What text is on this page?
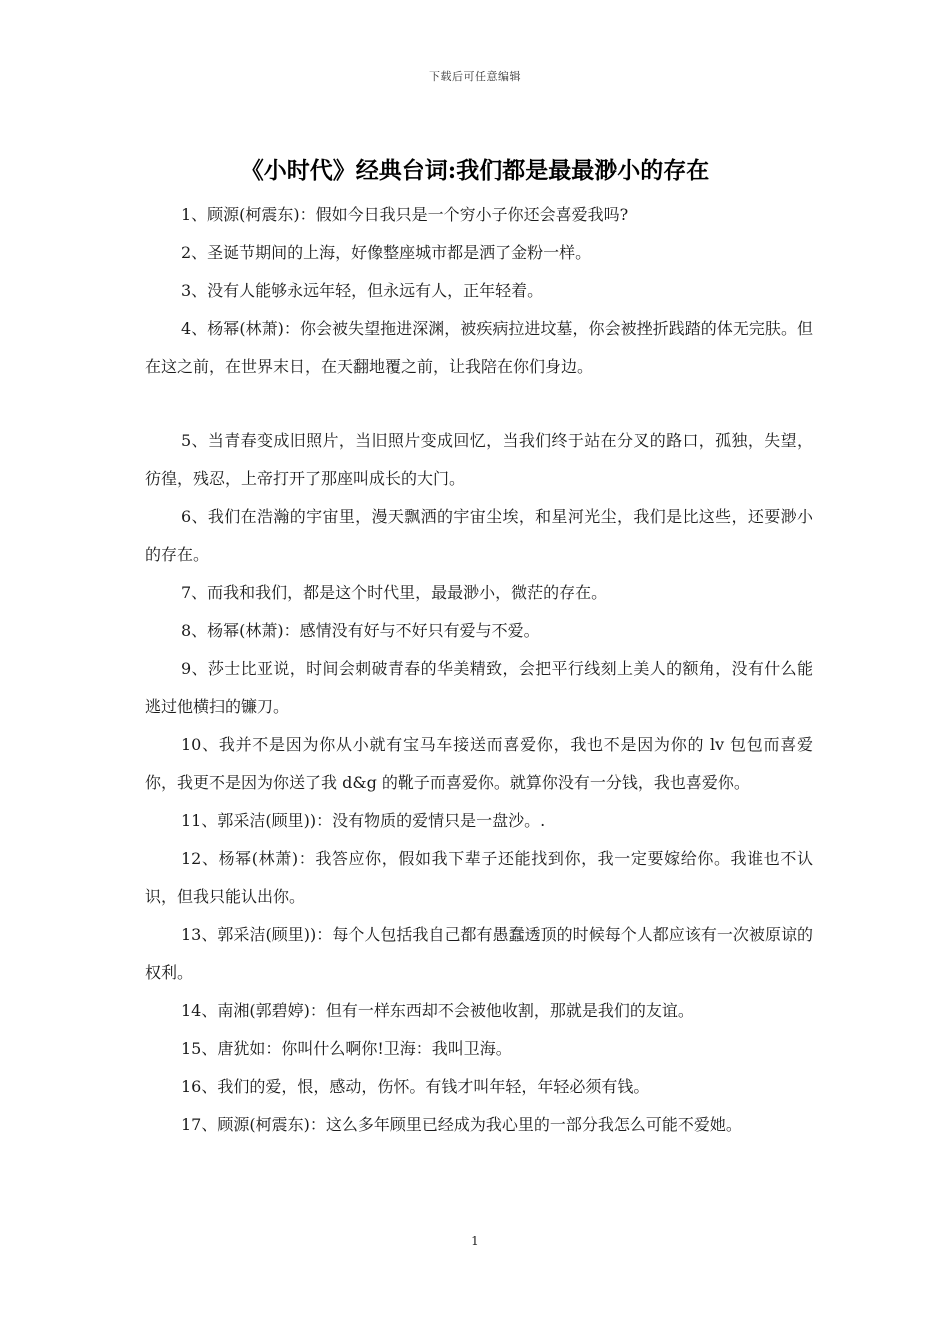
下载后可任意编辑
《小时代》经典台词:我们都是最最渺小的存在

1、顾源(柯震东)：假如今日我只是一个穷小子你还会喜爱我吗?

2、圣诞节期间的上海，好像整座城市都是洒了金粉一样。

3、没有人能够永远年轻，但永远有人，正年轻着。

4、杨幂(林萧)：你会被失望拖进深渊，被疾病拉进坟墓，你会被挫折践踏的体无完肤。但在这之前，在世界末日，在天翻地覆之前，让我陪在你们身边。

5、当青春变成旧照片，当旧照片变成回忆，当我们终于站在分叉的路口，孤独，失望，彷徨，残忍，上帝打开了那座叫成长的大门。

6、我们在浩瀚的宇宙里，漫天飘洒的宇宙尘埃，和星河光尘，我们是比这些，还要渺小的存在。

7、而我和我们，都是这个时代里，最最渺小，微茫的存在。

8、杨幂(林萧)：感情没有好与不好只有爱与不爱。

9、莎士比亚说，时间会刺破青春的华美精致，会把平行线刻上美人的额角，没有什么能逃过他横扫的镰刀。

10、我并不是因为你从小就有宝马车接送而喜爱你，我也不是因为你的 lv 包包而喜爱你，我更不是因为你送了我 d&g 的靴子而喜爱你。就算你没有一分钱，我也喜爱你。

11、郭采洁(顾里))：没有物质的爱情只是一盘沙。.

12、杨幂(林萧)：我答应你，假如我下辈子还能找到你，我一定要嫁给你。我谁也不认识，但我只能认出你。

13、郭采洁(顾里))：每个人包括我自己都有愚蠢透顶的时候每个人都应该有一次被原谅的权利。

14、南湘(郭碧婷)：但有一样东西却不会被他收割，那就是我们的友谊。

15、唐犹如：你叫什么啊你!卫海：我叫卫海。

16、我们的爱，恨，感动，伤怀。有钱才叫年轻，年轻必须有钱。

17、顾源(柯震东)：这么多年顾里已经成为我心里的一部分我怎么可能不爱她。

1
